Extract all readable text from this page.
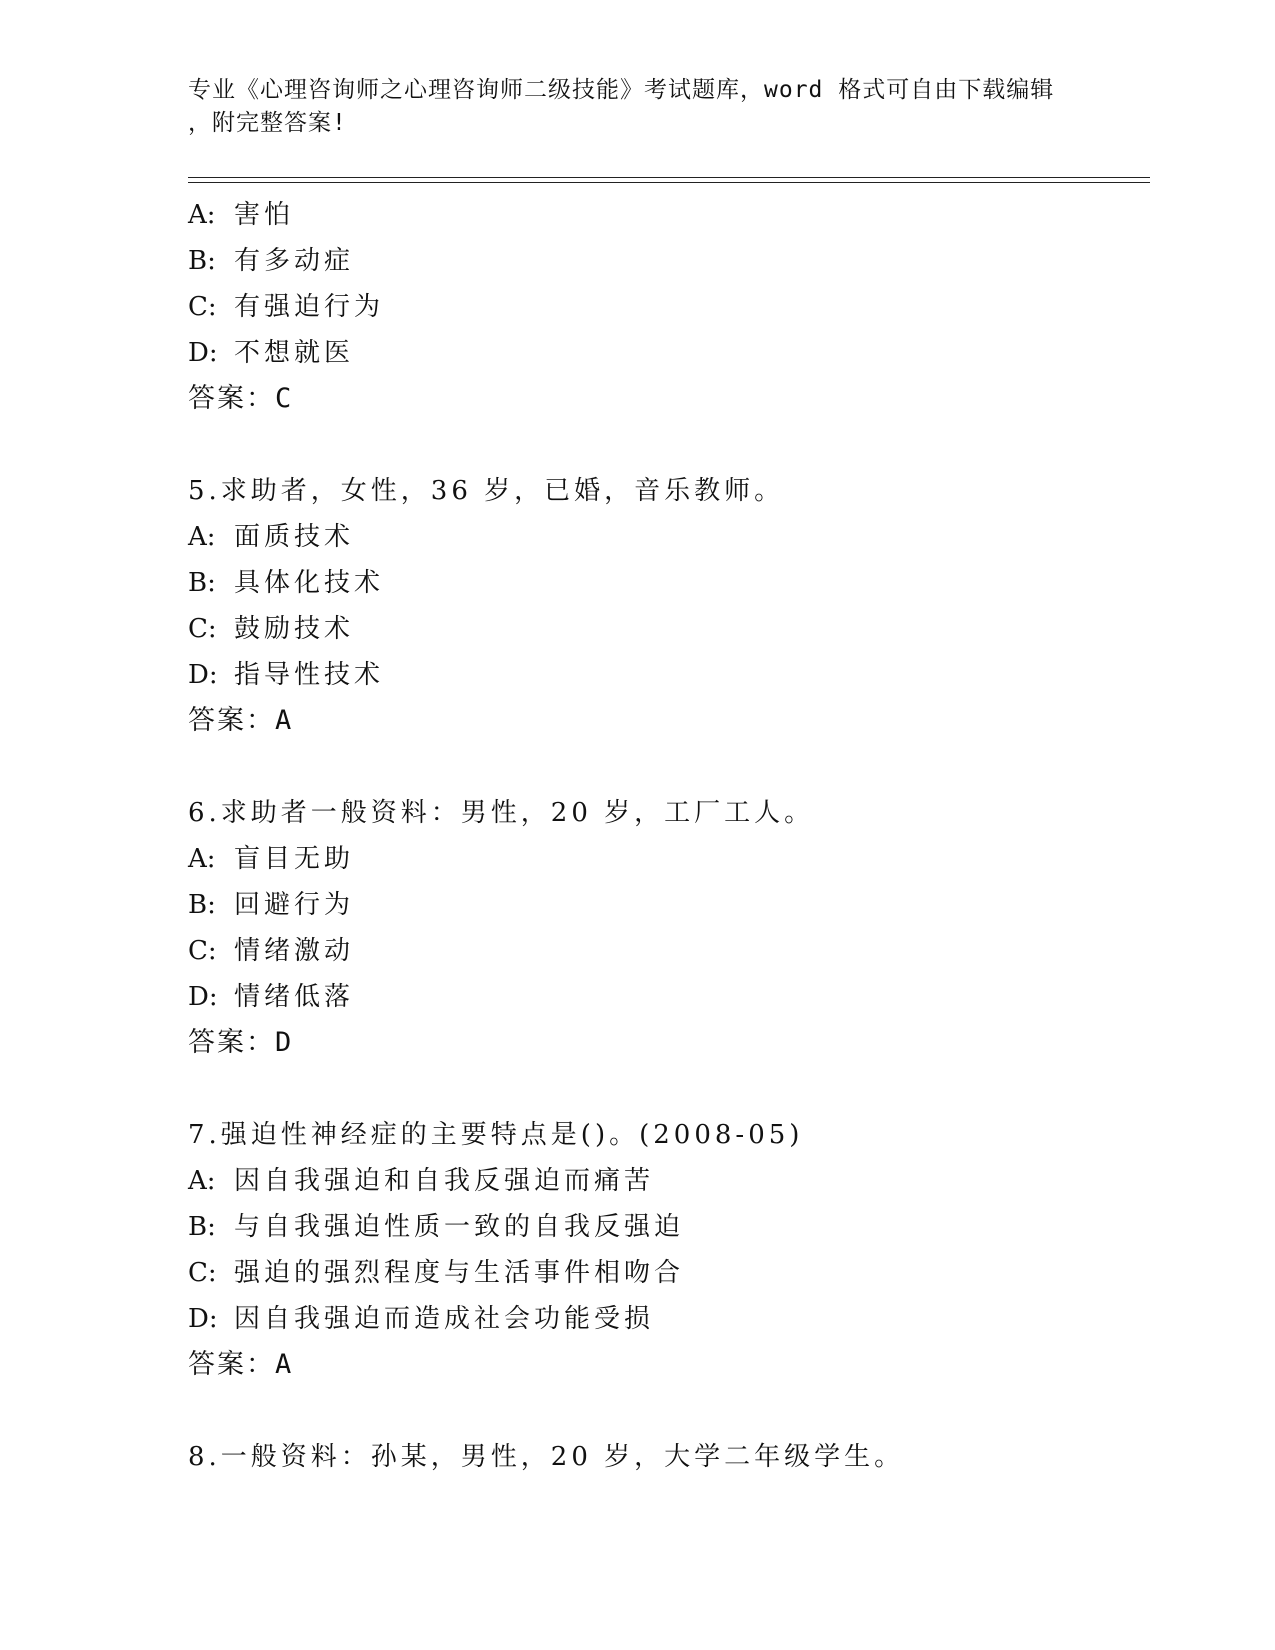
专业《心理咨询师之心理咨询师二级技能》考试题库，word 格式可自由下载编辑
，附完整答案!
A: 害怕
B: 有多动症
C: 有强迫行为
D: 不想就医
答案：C
5.求助者，女性，36 岁，已婚，音乐教师。
A: 面质技术
B: 具体化技术
C: 鼓励技术
D: 指导性技术
答案：A
6.求助者一般资料：男性，20 岁，工厂工人。
A: 盲目无助
B: 回避行为
C: 情绪激动
D: 情绪低落
答案：D
7.强迫性神经症的主要特点是()。(2008-05)
A: 因自我强迫和自我反强迫而痛苦
B: 与自我强迫性质一致的自我反强迫
C: 强迫的强烈程度与生活事件相吻合
D: 因自我强迫而造成社会功能受损
答案：A
8.一般资料：孙某，男性，20 岁，大学二年级学生。
